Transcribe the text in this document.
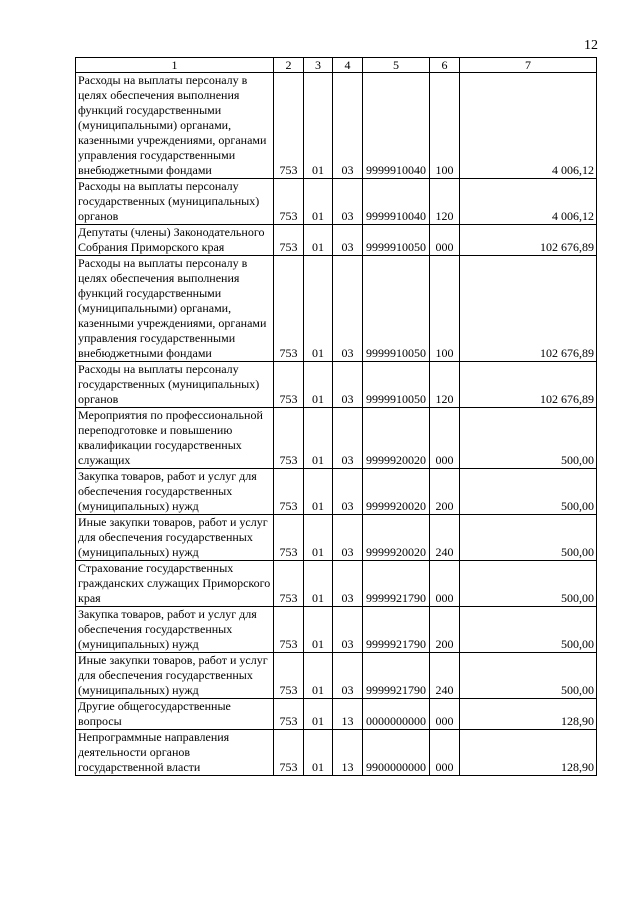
12
1	2	3	4	5	6	7
Расходы на выплаты персоналу в целях обеспечения выполнения функций государственными (муниципальными) органами, казенными учреждениями, органами управления государственными внебюджетными фондами	753	01	03	9999910040	100	4 006,12
Расходы на выплаты персоналу государственных (муниципальных) органов	753	01	03	9999910040	120	4 006,12
Депутаты (члены) Законодательного Собрания Приморского края	753	01	03	9999910050	000	102 676,89
Расходы на выплаты персоналу в целях обеспечения выполнения функций государственными (муниципальными) органами, казенными учреждениями, органами управления государственными внебюджетными фондами	753	01	03	9999910050	100	102 676,89
Расходы на выплаты персоналу государственных (муниципальных) органов	753	01	03	9999910050	120	102 676,89
Мероприятия по профессиональной переподготовке и повышению квалификации государственных служащих	753	01	03	9999920020	000	500,00
Закупка товаров, работ и услуг для обеспечения государственных (муниципальных) нужд	753	01	03	9999920020	200	500,00
Иные закупки товаров, работ и услуг для обеспечения государственных (муниципальных) нужд	753	01	03	9999920020	240	500,00
Страхование государственных гражданских служащих Приморского края	753	01	03	9999921790	000	500,00
Закупка товаров, работ и услуг для обеспечения государственных (муниципальных) нужд	753	01	03	9999921790	200	500,00
Иные закупки товаров, работ и услуг для обеспечения государственных (муниципальных) нужд	753	01	03	9999921790	240	500,00
Другие общегосударственные вопросы	753	01	13	0000000000	000	128,90
Непрограммные направления деятельности органов государственной власти	753	01	13	9900000000	000	128,90
